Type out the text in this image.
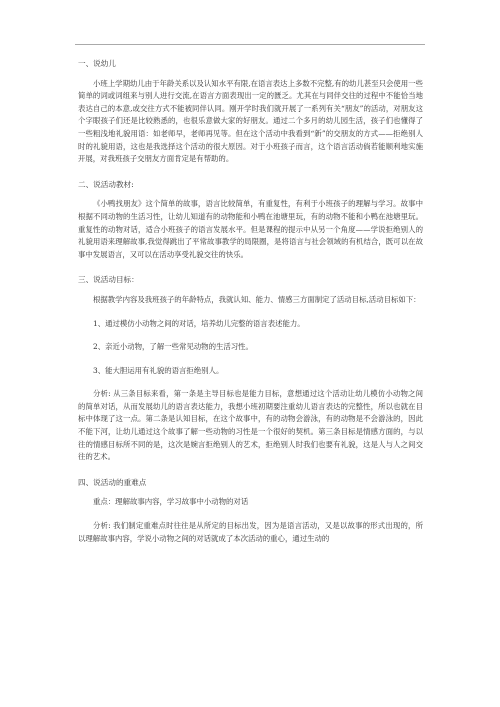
一、说幼儿

小班上学期幼儿由于年龄关系以及认知水平有限,在语言表达上多数不完整,有的幼儿甚至只会使用一些简单的词或词组来与别人进行交流,在语言方面表现出一定的匮乏。尤其在与同伴交往的过程中不能恰当地表达自己的本意,或交往方式不能被同伴认同。刚开学时我们就开展了一系列有关“朋友”的活动，对朋友这个字眼孩子们还是比较熟悉的，也很乐意做大家的好朋友。通过二个多月的幼儿园生活，孩子们也懂得了一些粗浅地礼貌用语：如老师早，老师再见等。但在这个活动中我看到“新”的交朋友的方式——拒绝别人时的礼貌用语，这也是我选择这个活动的很大原因。对于小班孩子而言，这个语言活动倘若能顺利地实施开展，对我班孩子交朋友方面肯定是有帮助的。

二、说活动教材:

《小鸭找朋友》这个简单的故事，语言比较简单，有重复性，有利于小班孩子的理解与学习。故事中根据不同动物的生活习性，让幼儿知道有的动物能和小鸭在池塘里玩，有的动物不能和小鸭在池塘里玩。重复性的动物对话，适合小班孩子的语言发展水平。但是课程的提示中从另一个角度——学说拒绝别人的礼貌用语来理解故事,我觉得跳出了平常故事教学的局限圈，是将语言与社会领域的有机结合，既可以在故事中发展语言，又可以在活动享受礼貌交往的快乐。

三、说活动目标：

根据教学内容及我班孩子的年龄特点，我就认知、能力、情感三方面制定了活动目标,活动目标如下：

1、通过模仿小动物之间的对话，培养幼儿完整的语言表述能力。

2、亲近小动物，了解一些常见动物的生活习性。

3、能大胆运用有礼貌的语言拒绝别人。

分析: 从三条目标来看，第一条是主导目标也是能力目标，意想通过这个活动让幼儿模仿小动物之间的简单对话，从而发展幼儿的语言表达能力，我想小班初期要注重幼儿语言表达的完整性，所以也就在目标中体现了这一点。第二条是认知目标，在这个故事中，有的动物会游泳，有的动物是不会游泳的，因此不能下河，让幼儿通过这个故事了解一些动物的习性是一个很好的契机。第三条目标是情感方面的，与以往的情感目标所不同的是，这次是婉言拒绝别人的艺术，拒绝别人时我们也要有礼貌，这是人与人之间交往的艺术。

四、说活动的重难点

重点：理解故事内容，学习故事中小动物的对话

分析: 我们制定重难点时往往是从所定的目标出发，因为是语言活动，又是以故事的形式出现的，所以理解故事内容，学说小动物之间的对话就成了本次活动的重心，通过生动的
